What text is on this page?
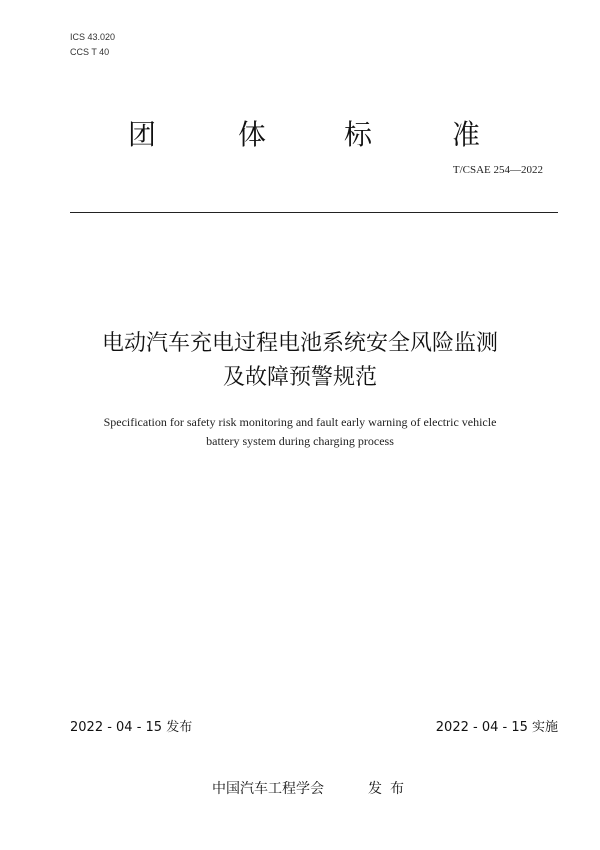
ICS 43.020
CCS T 40
团	体	标	准
T/CSAE 254—2022
电动汽车充电过程电池系统安全风险监测
及故障预警规范
Specification for safety risk monitoring and fault early warning of electric vehicle
battery system during charging process
2022 - 04 - 15 发布	2022 - 04 - 15 实施
中国汽车工程学会	发布
